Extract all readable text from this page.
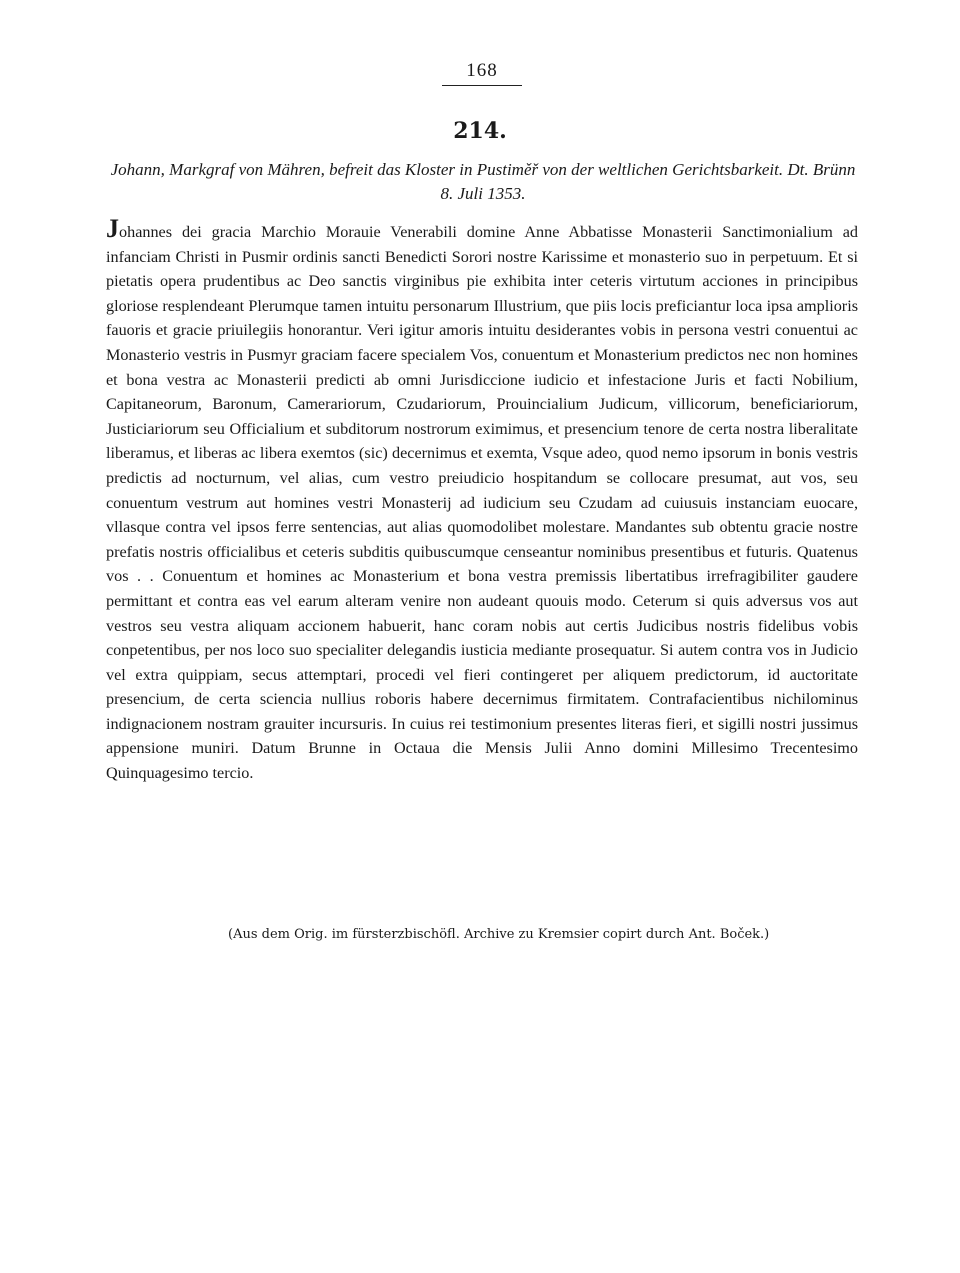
168
214.
Johann, Markgraf von Mähren, befreit das Kloster in Pustiměř von der weltlichen Gerichtsbarkeit. Dt. Brünn 8. Juli 1353.
Johannes dei gracia Marchio Morauie Venerabili domine Anne Abbatisse Monasterii Sanctimonialium ad infanciam Christi in Pusmir ordinis sancti Benedicti Sorori nostre Karissime et monasterio suo in perpetuum. Et si pietatis opera prudentibus ac Deo sanctis virginibus pie exhibita inter ceteris virtutum acciones in principibus gloriose resplendeant Plerumque tamen intuitu personarum Illustrium, que piis locis preficiantur loca ipsa amplioris fauoris et gracie priuilegiis honorantur. Veri igitur amoris intuitu desiderantes vobis in persona vestri conuentui ac Monasterio vestris in Pusmyr graciam facere specialem Vos, conuentum et Monasterium predictos nec non homines et bona vestra ac Monasterii predicti ab omni Jurisdiccione iudicio et infestacione Juris et facti Nobilium, Capitaneorum, Baronum, Camerariorum, Czudariorum, Prouincialium Judicum, villicorum, beneficiariorum, Justiciariorum seu Officialium et subditorum nostrorum eximimus, et presencium tenore de certa nostra liberalitate liberamus, et liberas ac libera exemtos (sic) decernimus et exemta, Vsque adeo, quod nemo ipsorum in bonis vestris predictis ad nocturnum, vel alias, cum vestro preiudicio hospitandum se collocare presumat, aut vos, seu conuentum vestrum aut homines vestri Monasterij ad iudicium seu Czudam ad cuiusuis instanciam euocare, vllasque contra vel ipsos ferre sentencias, aut alias quomodolibet molestare. Mandantes sub obtentu gracie nostre prefatis nostris officialibus et ceteris subditis quibuscumque censeantur nominibus presentibus et futuris. Quatenus vos . . Conuentum et homines ac Monasterium et bona vestra premissis libertatibus irrefragibiliter gaudere permittant et contra eas vel earum alteram venire non audeant quouis modo. Ceterum si quis adversus vos aut vestros seu vestra aliquam accionem habuerit, hanc coram nobis aut certis Judicibus nostris fidelibus vobis conpetentibus, per nos loco suo specialiter delegandis iusticia mediante prosequatur. Si autem contra vos in Judicio vel extra quippiam, secus attemptari, procedi vel fieri contingeret per aliquem predictorum, id auctoritate presencium, de certa sciencia nullius roboris habere decernimus firmitatem. Contrafacientibus nichilominus indignacionem nostram grauiter incursuris. In cuius rei testimonium presentes literas fieri, et sigilli nostri jussimus appensione muniri. Datum Brunne in Octaua die Mensis Julii Anno domini Millesimo Trecentesimo Quinquagesimo tercio.
(Aus dem Orig. im fürsterzbischöfl. Archive zu Kremsier copirt durch Ant. Boček.)
